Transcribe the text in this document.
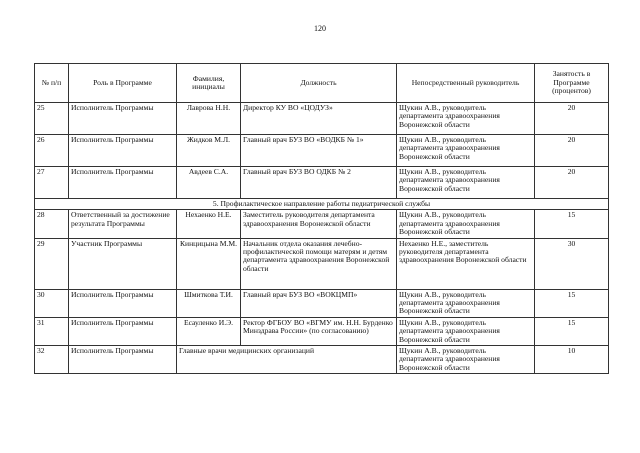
120
№ п/п	Роль в Программе	Фамилия, инициалы	Должность	Непосредственный руководитель	Занятость в Программе (процентов)
25	Исполнитель Программы	Лаврова Н.Н.	Директор КУ ВО «ЦОДУЗ»	Щукин А.В., руководитель департамента здравоохранения Воронежской области	20
26	Исполнитель Программы	Жидков М.Л.	Главный врач БУЗ ВО «ВОДКБ № 1»	Щукин А.В., руководитель департамента здравоохранения Воронежской области	20
27	Исполнитель Программы	Авдеев С.А.	Главный врач БУЗ ВО ОДКБ № 2	Щукин А.В., руководитель департамента здравоохранения Воронежской области	20
5. Профилактическое направление работы педиатрической службы					
28	Ответственный за достижение результата Программы	Нехаенко Н.Е.	Заместитель руководителя департамента здравоохранения Воронежской области	Щукин А.В., руководитель департамента здравоохранения Воронежской области	15
29	Участник Программы	Кинцицына М.М.	Начальник отдела оказания лечебно-профилактической помощи матерям и детям департамента здравоохранения Воронежской области	Нехаенко Н.Е., заместитель руководителя департамента здравоохранения Воронежской области	30
30	Исполнитель Программы	Шмиткова Т.И.	Главный врач БУЗ ВО «ВОКЦМП»	Щукин А.В., руководитель департамента здравоохранения Воронежской области	15
31	Исполнитель Программы	Есауленко И.Э.	Ректор ФГБОУ ВО «ВГМУ им. Н.Н. Бурденко Минздрава России» (по согласованию)	Щукин А.В., руководитель департамента здравоохранения Воронежской области	15
32	Исполнитель Программы	Главные врачи медицинских организаций		Щукин А.В., руководитель департамента здравоохранения Воронежской области	10
